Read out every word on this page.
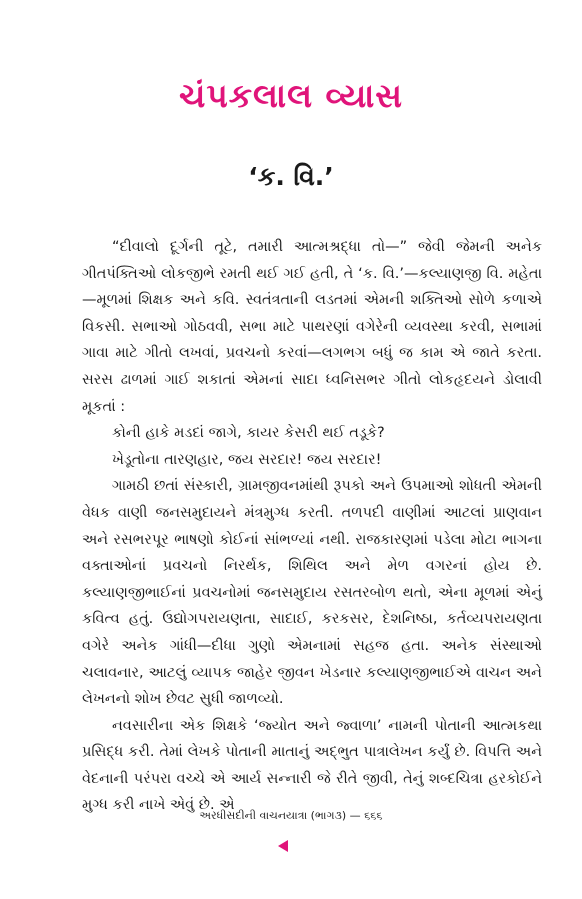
ચંપકલાલ વ્યાસ
‘ક. વિ.’

“દીવાલો દૂર્ગની તૂટે, તમારી આત્મશ્રદ્ધા તો—” જેવી જેમની અનેક ગીતપંક્તિઓ લોકજીભે રમતી થઈ ગઈ હતી, તે ‘ક. વિ.’—કલ્યાણજી વિ. મહેતા—મૂળમાં શિક્ષક અને કવિ. સ્વતંત્રતાની લડતમાં એમની શક્તિઓ સોળે કળાએ વિકસી. સભાઓ ગોઠવવી, સભા માટે પાથરણાં વગેરેની વ્યવસ્થા કરવી, સભામાં ગાવા માટે ગીતો લખવાં, પ્રવચનો કરવાં—લગભગ બધું જ કામ એ જાતે કરતા. સરસ ઢાળમાં ગાઈ શકાતાં એમનાં સાદા ધ્વનિસભર ગીતો લોકહૃદયને ડોલાવી મૂકતાં :

કોની હાકે મડદાં જાગે, કાયર કેસરી થઈ તડૂકે?

ખેડૂતોના તારણહાર, જય સરદાર! જય સરદાર!

ગામઠી છતાં સંસ્કારી, ગ્રામજીવનમાંથી રૂપકો અને ઉપમાઓ શોધતી એમની વેધક વાણી જનસમુદાયને મંત્રમુગ્ધ કરતી. તળપદી વાણીમાં આટલાં પ્રાણવાન અને રસભરપૂર ભાષણો કોઈનાં સાંભળ્યાં નથી. રાજકારણમાં પડેલા મોટા ભાગના વક્તાઓનાં પ્રવચનો નિરર્થક, શિથિલ અને મેળ વગરનાં હોય છે. કલ્યાણજીભાઈનાં પ્રવચનોમાં જનસમુદાય રસતરબોળ થતો, એના મૂળમાં એનું કવિત્વ હતું. ઉદ્યોગપરાયણતા, સાદાઈ, કરકસર, દેશનિષ્ઠા, કર્તવ્યપરાયણતા વગેરે અનેક ગાંધી—દીધા ગુણો એમનામાં સહજ હતા. અનેક સંસ્થાઓ ચલાવનાર, આટલું વ્યાપક જાહેર જીવન ખેડનાર કલ્યાણજીભાઈએ વાચન અને લેખનનો શોખ છેવટ સુધી જાળવ્યો.

નવસારીના એક શિક્ષકે ‘જ્યોત અને જ્વાળા’ નામની પોતાની આત્મકથા પ્રસિદ્ધ કરી. તેમાં લેખકે પોતાની માતાનું અદ્ભુત પાત્રાલેખન કર્યું છે. વિપત્તિ અને વેદનાની પરંપરા વચ્ચે એ આર્ય સન્નારી જે રીતે જીવી, તેનું શબ્દચિત્રા હરકોઈને મુગ્ધ કરી નાખે એવું છે. એ

અરધીસદીની વાચનયાત્રા (ભાગ૩) — ૬૬૬
